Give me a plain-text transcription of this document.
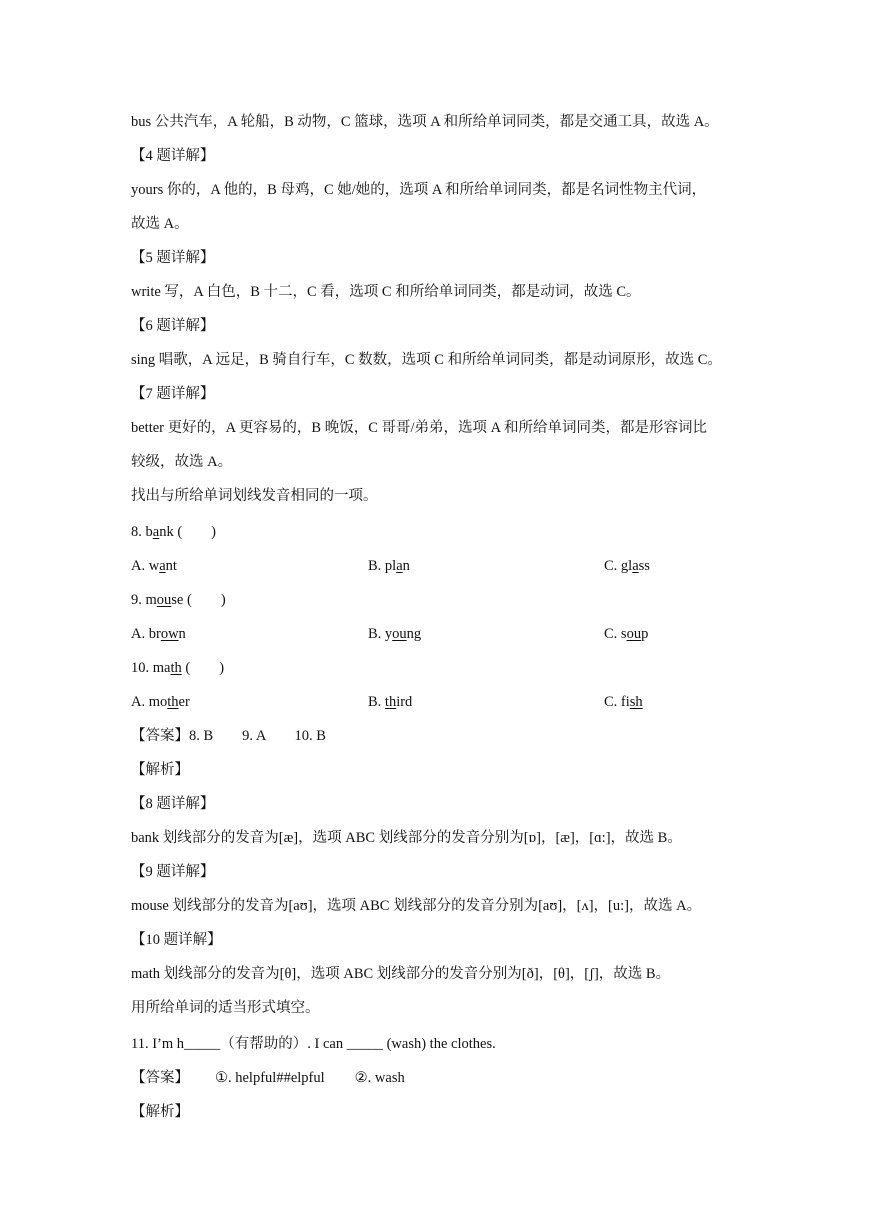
bus 公共汽车，A 轮船，B 动物，C 篮球，选项 A 和所给单词同类，都是交通工具，故选 A。
【4 题详解】
yours 你的，A 他的，B 母鸡，C 她/她的，选项 A 和所给单词同类，都是名词性物主代词，
故选 A。
【5 题详解】
write 写，A 白色，B 十二，C 看，选项 C 和所给单词同类，都是动词，故选 C。
【6 题详解】
sing 唱歌，A 远足，B 骑自行车，C 数数，选项 C 和所给单词同类，都是动词原形，故选 C。
【7 题详解】
better 更好的，A 更容易的，B 晚饭，C 哥哥/弟弟，选项 A 和所给单词同类，都是形容词比
较级，故选 A。
找出与所给单词划线发音相同的一项。
8. bank (　　)
A. want	B. plan	C. glass
9. mouse (　　)
A. brown	B. young	C. soup
10. math (　　)
A. mother	B. third	C. fish
【答案】8. B　　9. A　　10. B
【解析】
【8 题详解】
bank 划线部分的发音为[æ]，选项 ABC 划线部分的发音分别为[ɒ]，[æ]，[ɑ:]，故选 B。
【9 题详解】
mouse 划线部分的发音为[aʊ]，选项 ABC 划线部分的发音分别为[aʊ]，[ʌ]，[u:]，故选 A。
【10 题详解】
math 划线部分的发音为[θ]，选项 ABC 划线部分的发音分别为[ð]，[θ]，[ʃ]，故选 B。
用所给单词的适当形式填空。
11. I’m h_____（有帮助的）. I can _____ (wash) the clothes.
【答案】 ①. helpful##elpful ②. wash
【解析】
